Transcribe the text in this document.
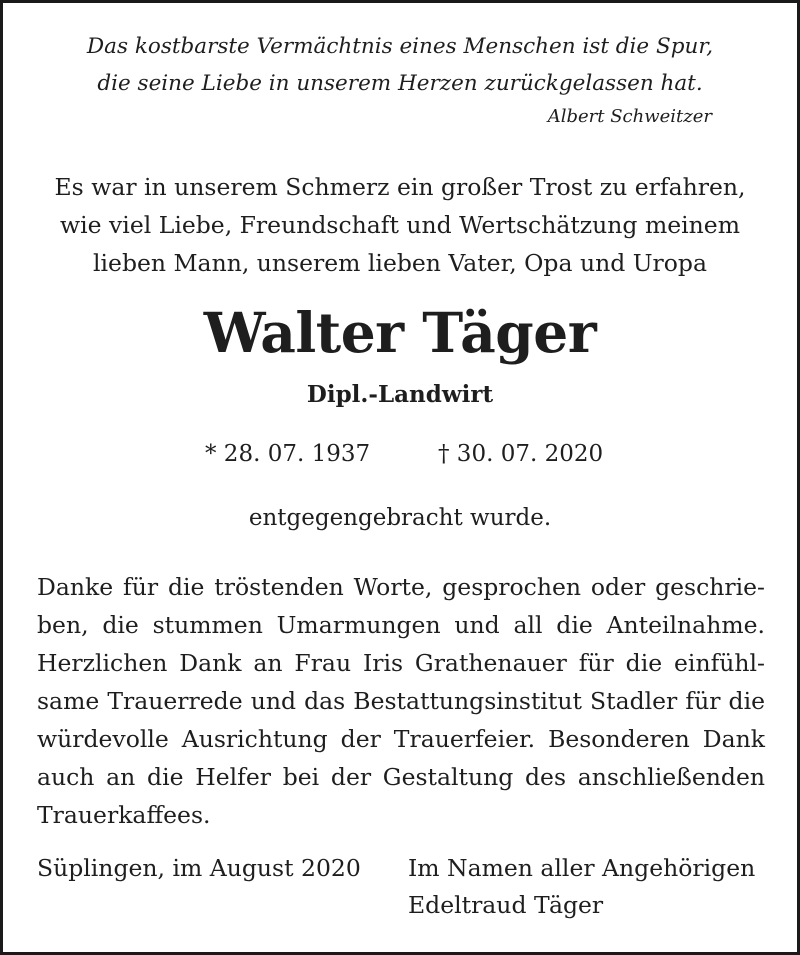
Das kostbarste Vermächtnis eines Menschen ist die Spur,
die seine Liebe in unserem Herzen zurückgelassen hat.
Albert Schweitzer
Es war in unserem Schmerz ein großer Trost zu erfahren,
wie viel Liebe, Freundschaft und Wertschätzung meinem
lieben Mann, unserem lieben Vater, Opa und Uropa
Walter Täger
Dipl.-Landwirt
* 28. 07. 1937	† 30. 07. 2020
entgegengebracht wurde.
Danke für die tröstenden Worte, gesprochen oder geschrie-
ben, die stummen Umarmungen und all die Anteilnahme.
Herzlichen Dank an Frau Iris Grathenauer für die einfühl-
same Trauerrede und das Bestattungsinstitut Stadler für die
würdevolle Ausrichtung der Trauerfeier. Besonderen Dank
auch an die Helfer bei der Gestaltung des anschließenden
Trauerkaffees.
Süplingen, im August 2020 Im Namen aller Angehörigen
Edeltraud Täger
